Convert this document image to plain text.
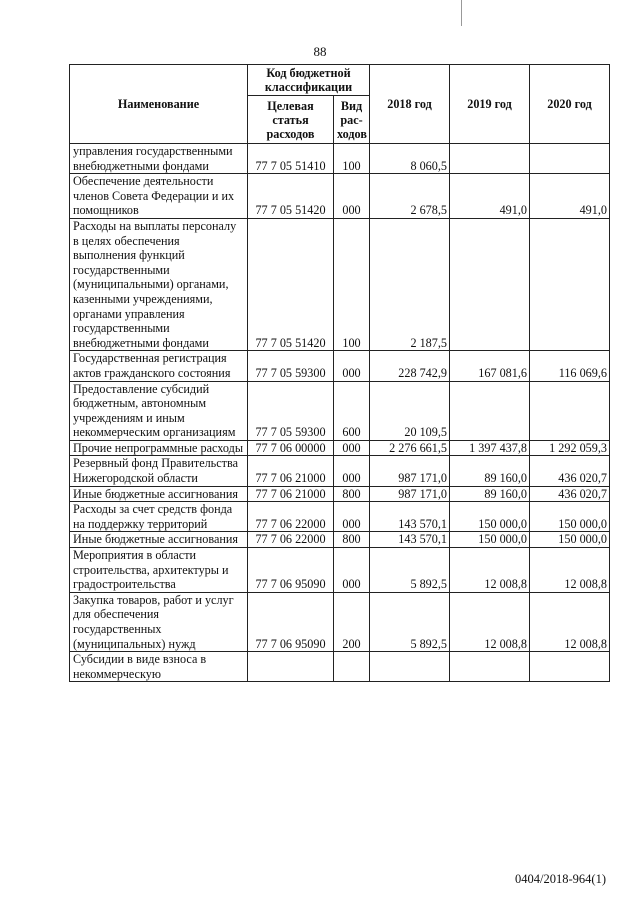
88
Наименование	Код бюджетной классификации		2018 год	2019 год	2020 год
	Целевая статья расходов	Вид рас-ходов			
управления государственными внебюджетными фондами	77 7 05 51410	100	8 060,5		
Обеспечение деятельности членов Совета Федерации и их помощников	77 7 05 51420	000	2 678,5	491,0	491,0
Расходы на выплаты персоналу в целях обеспечения выполнения функций государственными (муниципальными) органами, казенными учреждениями, органами управления государственными внебюджетными фондами	77 7 05 51420	100	2 187,5		
Государственная регистрация актов гражданского состояния	77 7 05 59300	000	228 742,9	167 081,6	116 069,6
Предоставление субсидий бюджетным, автономным учреждениям и иным некоммерческим организациям	77 7 05 59300	600	20 109,5		
Прочие непрограммные расходы	77 7 06 00000	000	2 276 661,5	1 397 437,8	1 292 059,3
Резервный фонд Правительства Нижегородской области	77 7 06 21000	000	987 171,0	89 160,0	436 020,7
Иные бюджетные ассигнования	77 7 06 21000	800	987 171,0	89 160,0	436 020,7
Расходы за счет средств фонда на поддержку территорий	77 7 06 22000	000	143 570,1	150 000,0	150 000,0
Иные бюджетные ассигнования	77 7 06 22000	800	143 570,1	150 000,0	150 000,0
Мероприятия в области строительства, архитектуры и градостроительства	77 7 06 95090	000	5 892,5	12 008,8	12 008,8
Закупка товаров, работ и услуг для обеспечения государственных (муниципальных) нужд	77 7 06 95090	200	5 892,5	12 008,8	12 008,8
Субсидии в виде взноса в некоммерческую					
0404/2018-964(1)
